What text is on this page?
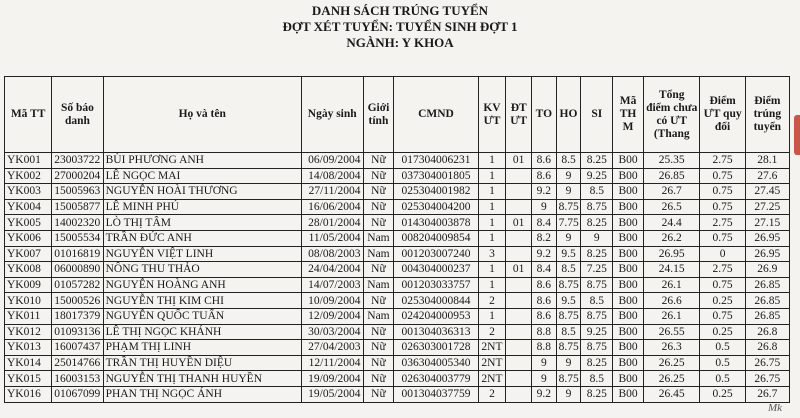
DANH SÁCH TRÚNG TUYỂN
ĐỢT XÉT TUYỂN: TUYỂN SINH ĐỢT 1
NGÀNH: Y KHOA
Mã TT	Số báo danh	Họ và tên	Ngày sinh	Giới tính	CMND	KV ƯT	ĐT ƯT	TO	HO	SI	Mã TH M	Tổng điểm chưa có ƯT (Thang	Điểm ƯT quy đổi	Điểm trúng tuyển
YK001	23003722	BÙI PHƯƠNG ANH	06/09/2004	Nữ	017304006231	1	01	8.6	8.5	8.25	B00	25.35	2.75	28.1
YK002	27000204	LÊ NGỌC MAI	14/08/2004	Nữ	037304001805	1		8.6	9	9.25	B00	26.85	0.75	27.6
YK003	15005963	NGUYỄN HOÀI THƯƠNG	27/11/2004	Nữ	025304001982	1		9.2	9	8.5	B00	26.7	0.75	27.45
YK004	15005877	LÊ MINH PHÚ	16/06/2004	Nữ	025304004200	1		9	8.75	8.75	B00	26.5	0.75	27.25
YK005	14002320	LÒ THỊ TÂM	28/01/2004	Nữ	014304003878	1	01	8.4	7.75	8.25	B00	24.4	2.75	27.15
YK006	15005534	TRẦN ĐỨC ANH	11/05/2004	Nam	008204009854	1		8.2	9	9	B00	26.2	0.75	26.95
YK007	01016819	NGUYỄN VIỆT LINH	08/08/2003	Nam	001203007240	3		9.2	9.5	8.25	B00	26.95	0	26.95
YK008	06000890	NÔNG THU THẢO	24/04/2004	Nữ	004304000237	1	01	8.4	8.5	7.25	B00	24.15	2.75	26.9
YK009	01057282	NGUYỄN HOÀNG ANH	14/07/2003	Nam	001203033757	1		8.6	8.75	8.75	B00	26.1	0.75	26.85
YK010	15000526	NGUYỄN THỊ KIM CHI	10/09/2004	Nữ	025304000844	2		8.6	9.5	8.5	B00	26.6	0.25	26.85
YK011	18017379	NGUYỄN QUỐC TUẤN	12/09/2004	Nam	024204000953	1		8.6	8.75	8.75	B00	26.1	0.75	26.85
YK012	01093136	LÊ THỊ NGỌC KHÁNH	30/03/2004	Nữ	001304036313	2		8.8	8.5	9.25	B00	26.55	0.25	26.8
YK013	16007437	PHẠM THỊ LINH	27/04/2003	Nữ	026303001728	2NT		8.8	8.75	8.75	B00	26.3	0.5	26.8
YK014	25014766	TRẦN THỊ HUYỀN DIỆU	12/11/2004	Nữ	036304005340	2NT		9	9	8.25	B00	26.25	0.5	26.75
YK015	16003153	NGUYỄN THỊ THANH HUYỀN	19/09/2004	Nữ	026304003779	2NT		9	8.75	8.5	B00	26.25	0.5	26.75
YK016	01067099	PHAN THỊ NGỌC ÁNH	19/05/2004	Nữ	001304037759	2		9.2	9	8.25	B00	26.45	0.25	26.7
Mk
